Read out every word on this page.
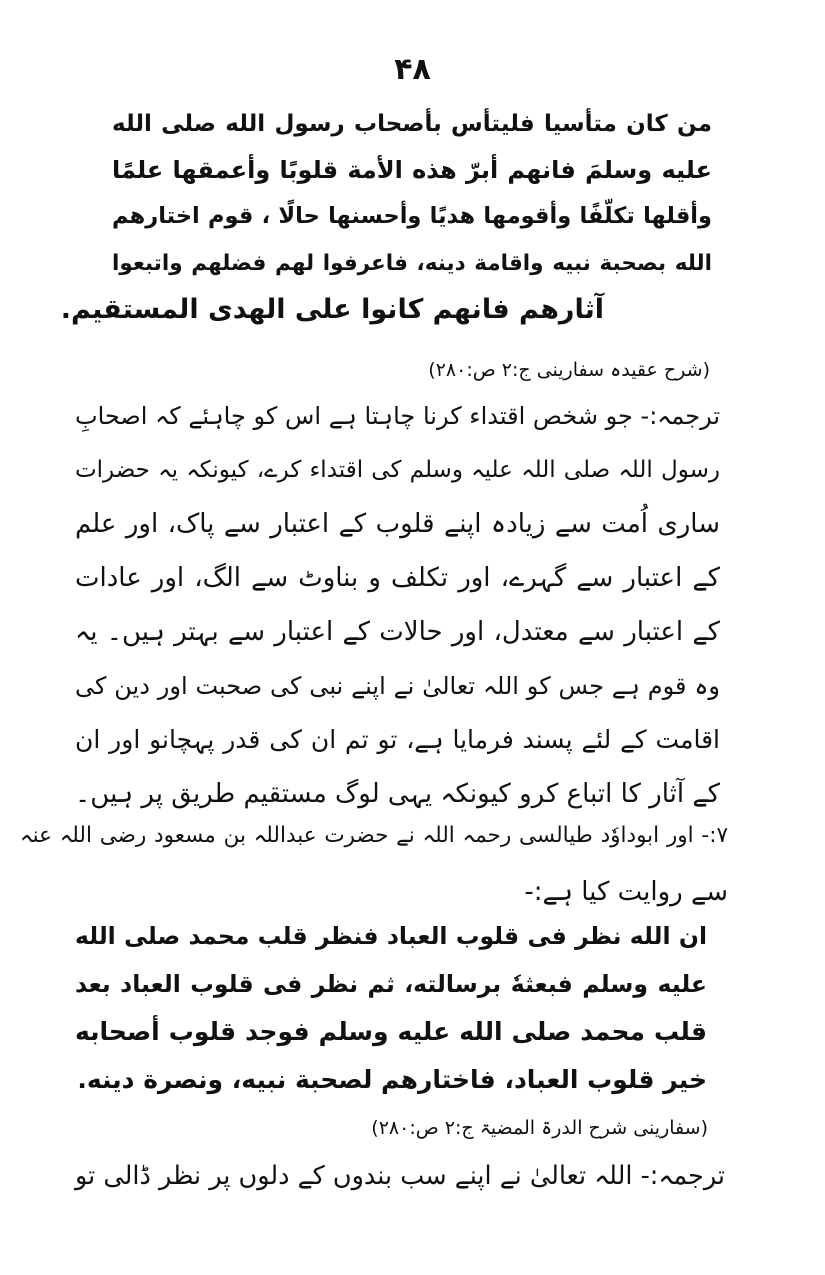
۴۸
من كان متأسيا فليتأس بأصحاب رسول الله صلى الله
عليه وسلمَ فانهم أبرّ هذه الأمة قلوبًا وأعمقها علمًا
وأقلها تكلّفًا وأقومها هديًا وأحسنها حالًا ، قوم اختارهم
الله بصحبة نبيه واقامة دينه، فاعرفوا لهم فضلهم واتبعوا
آثارهم فانهم كانوا على الهدى المستقيم.
(شرح عقیدہ سفارینی ج:۲ ص:۲۸۰)
ترجمہ:- جو شخص اقتداء کرنا چاہتا ہے اس کو چاہئے کہ اصحابِ
رسول اللہ صلی اللہ علیہ وسلم کی اقتداء کرے، کیونکہ یہ حضرات
ساری اُمت سے زیادہ اپنے قلوب کے اعتبار سے پاک، اور علم
کے اعتبار سے گہرے، اور تکلف و بناوٹ سے الگ، اور عادات
کے اعتبار سے معتدل، اور حالات کے اعتبار سے بہتر ہیں۔ یہ
وہ قوم ہے جس کو اللہ تعالیٰ نے اپنے نبی کی صحبت اور دین کی
اقامت کے لئے پسند فرمایا ہے، تو تم ان کی قدر پہچانو اور ان
کے آثار کا اتباع کرو کیونکہ یہی لوگ مستقیم طریق پر ہیں۔
۷:- اور ابوداوٗد طیالسی رحمہ اللہ نے حضرت عبداللہ بن مسعود رضی اللہ عنہ
سے روایت کیا ہے:-
ان الله نظر فى قلوب العباد فنظر قلب محمد صلى الله
عليه وسلم فبعثهٗ برسالته، ثم نظر فى قلوب العباد بعد
قلب محمد صلى الله عليه وسلم فوجد قلوب أصحابه
خير قلوب العباد، فاختارهم لصحبة نبيه، ونصرة دينه.
(سفارینی شرح الدرۃ المضیۃ ج:۲ ص:۲۸۰)
ترجمہ:- اللہ تعالیٰ نے اپنے سب بندوں کے دلوں پر نظر ڈالی تو
